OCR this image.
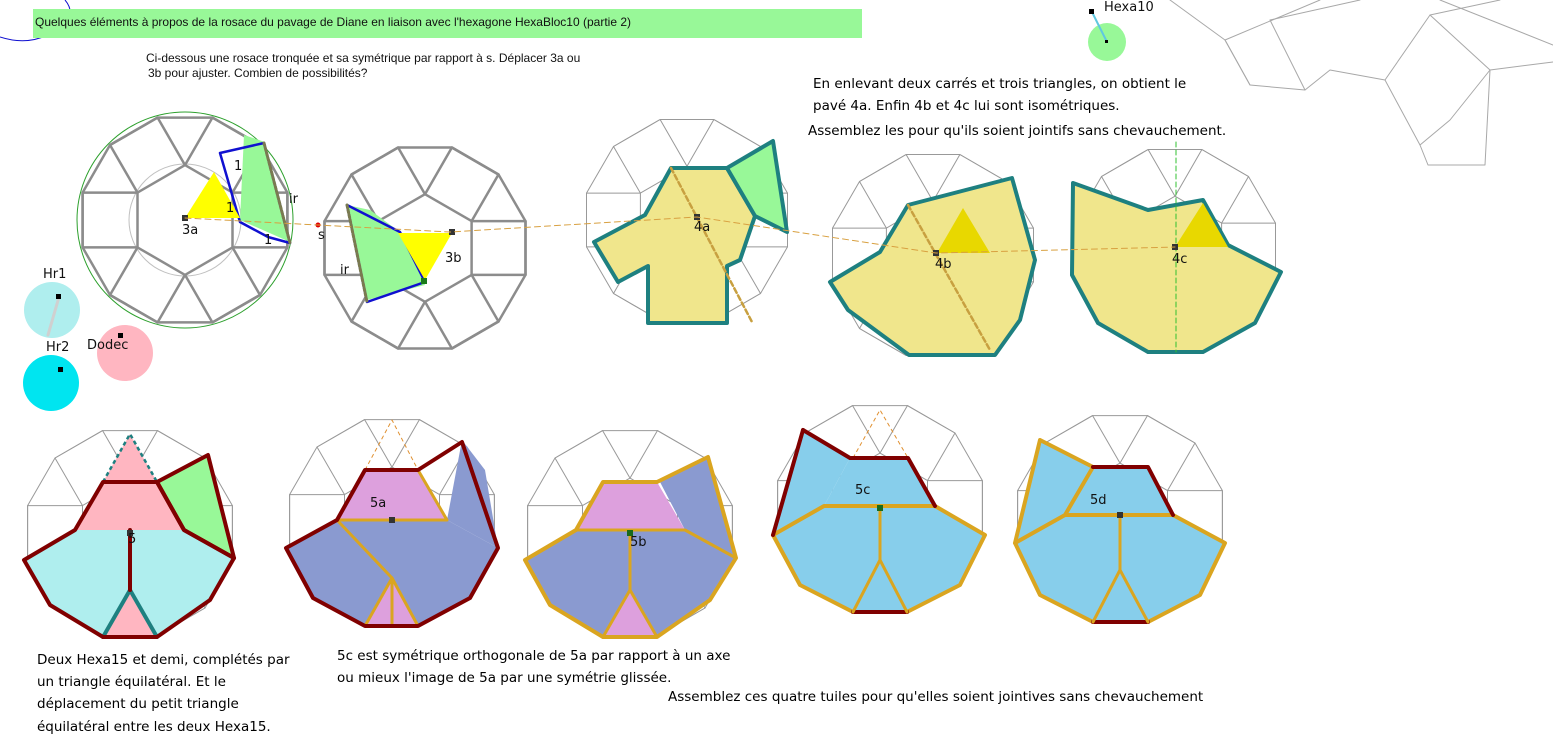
Quelques éléments à propos de la rosace du pavage de Diane en liaison avec l'hexagone HexaBloc10 (partie 2)
Ci-dessous une rosace tronquée et sa symétrique par rapport à s. Déplacer 3a ou
3b pour ajuster. Combien de possibilités?
En enlevant deux carrés et trois triangles, on obtient le
pavé 4a. Enfin 4b et 4c lui sont isométriques.
Assemblez les pour qu'ils soient jointifs sans chevauchement.
Deux Hexa15 et demi, complétés par
un triangle équilatéral. Et le
déplacement du petit triangle
équilatéral entre les deux Hexa15.
5c est symétrique orthogonale de 5a par rapport à un axe
ou mieux l'image de 5a par une symétrie glissée.
Assemblez ces quatre tuiles pour qu'elles soient jointives sans chevauchement
3a
3b
4a
4b	4c
5
5a
5b
5c
5d
s
ir
ir
1
1
1
Hr1
Hr2 Dodec
Hexa10
